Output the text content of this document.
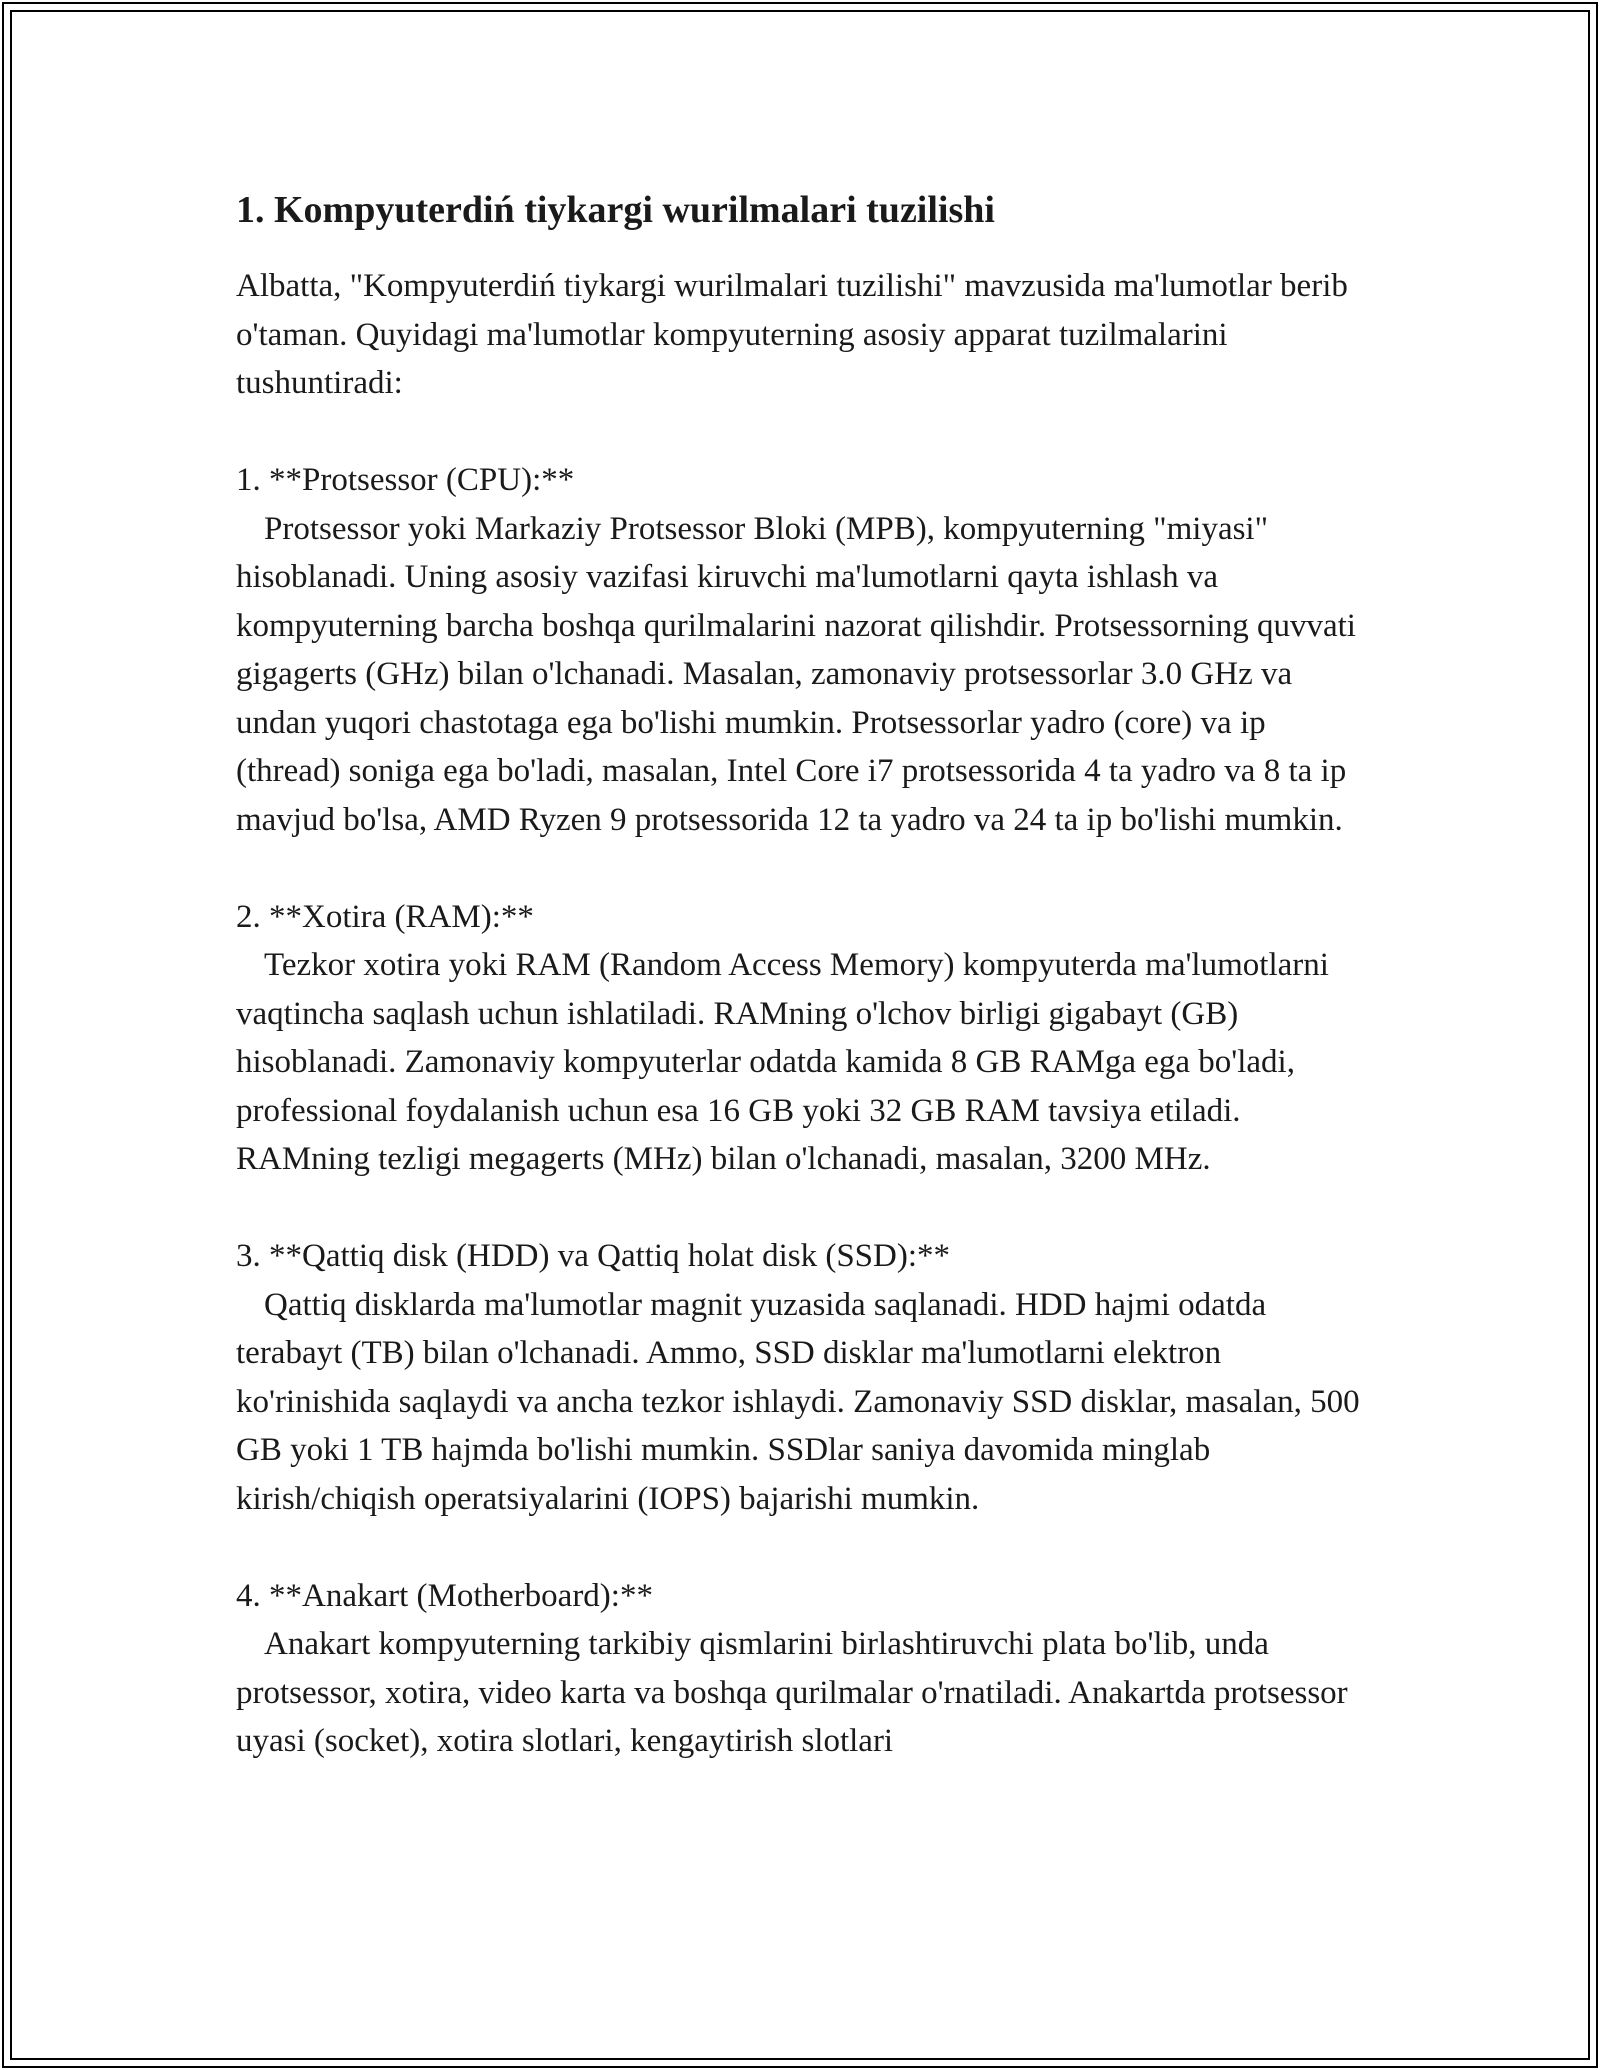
1. Kompyuterdiń tiykargi wurilmalari tuzilishi

Albatta, "Kompyuterdiń tiykargi wurilmalari tuzilishi" mavzusida ma'lumotlar berib o'taman. Quyidagi ma'lumotlar kompyuterning asosiy apparat tuzilmalarini tushuntiradi:

1. **Protsessor (CPU):**

Protsessor yoki Markaziy Protsessor Bloki (MPB), kompyuterning "miyasi" hisoblanadi. Uning asosiy vazifasi kiruvchi ma'lumotlarni qayta ishlash va kompyuterning barcha boshqa qurilmalarini nazorat qilishdir. Protsessorning quvvati gigagerts (GHz) bilan o'lchanadi. Masalan, zamonaviy protsessorlar 3.0 GHz va undan yuqori chastotaga ega bo'lishi mumkin. Protsessorlar yadro (core) va ip (thread) soniga ega bo'ladi, masalan, Intel Core i7 protsessorida 4 ta yadro va 8 ta ip mavjud bo'lsa, AMD Ryzen 9 protsessorida 12 ta yadro va 24 ta ip bo'lishi mumkin.

2. **Xotira (RAM):**

Tezkor xotira yoki RAM (Random Access Memory) kompyuterda ma'lumotlarni vaqtincha saqlash uchun ishlatiladi. RAMning o'lchov birligi gigabayt (GB) hisoblanadi. Zamonaviy kompyuterlar odatda kamida 8 GB RAMga ega bo'ladi, professional foydalanish uchun esa 16 GB yoki 32 GB RAM tavsiya etiladi. RAMning tezligi megagerts (MHz) bilan o'lchanadi, masalan, 3200 MHz.

3. **Qattiq disk (HDD) va Qattiq holat disk (SSD):**

Qattiq disklarda ma'lumotlar magnit yuzasida saqlanadi. HDD hajmi odatda terabayt (TB) bilan o'lchanadi. Ammo, SSD disklar ma'lumotlarni elektron ko'rinishida saqlaydi va ancha tezkor ishlaydi. Zamonaviy SSD disklar, masalan, 500 GB yoki 1 TB hajmda bo'lishi mumkin. SSDlar saniya davomida minglab kirish/chiqish operatsiyalarini (IOPS) bajarishi mumkin.

4. **Anakart (Motherboard):**

Anakart kompyuterning tarkibiy qismlarini birlashtiruvchi plata bo'lib, unda protsessor, xotira, video karta va boshqa qurilmalar o'rnatiladi. Anakartda protsessor uyasi (socket), xotira slotlari, kengaytirish slotlari
